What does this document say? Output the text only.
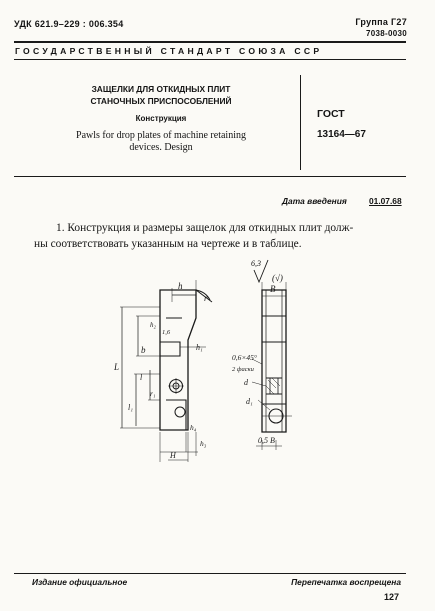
УДК 621.9–229 : 006.354	Группа Г27
7038-0030
ГОСУДАРСТВЕННЫЙ СТАНДАРТ СОЮЗА ССР
ЗАЩЕЛКИ ДЛЯ ОТКИДНЫХ ПЛИТ
СТАНОЧНЫХ ПРИСПОСОБЛЕНИЙ
Конструкция
Pawls for drop plates of machine retaining
devices. Design
ГОСТ
13164—67
Дата введения	01.07.68
1. Конструкция и размеры защелок для откидных плит долж-
ны соответствовать указанным на чертеже и в таблице.
h
r
h₂
1,6
b	h₁
L
l
r₁
l₁
h₄
h₃
H
6,3
(√)
B
0,6×45°
2 фаски
d
d₁
0,5 B
Издание официальное	Перепечатка воспрещена
127
